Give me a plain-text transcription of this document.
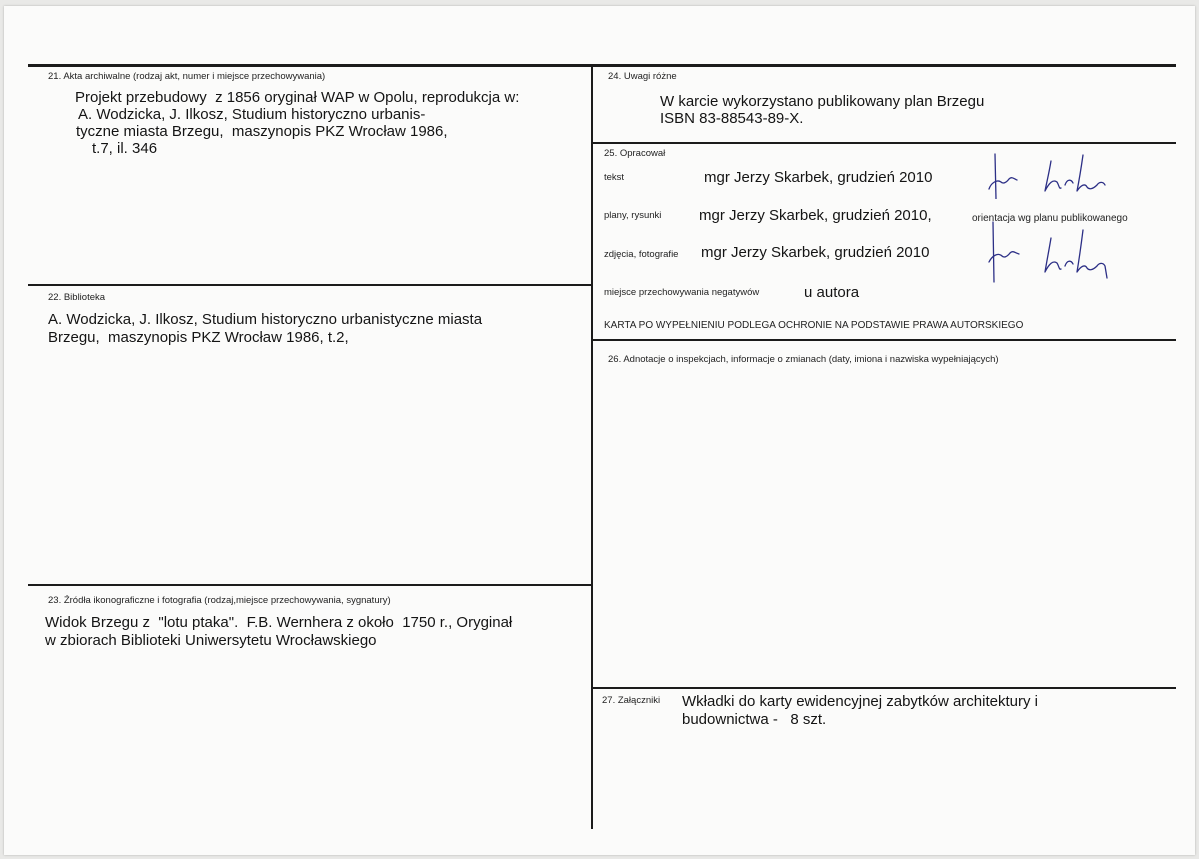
21. Akta archiwalne (rodzaj akt, numer i miejsce przechowywania)
Projekt przebudowy  z 1856 oryginał WAP w Opolu, reprodukcja w:
A. Wodzicka, J. Ilkosz, Studium historyczno urbanis-
tyczne miasta Brzegu,  maszynopis PKZ Wrocław 1986,
t.7, il. 346
22. Biblioteka
A. Wodzicka, J. Ilkosz, Studium historyczno urbanistyczne miasta
Brzegu,  maszynopis PKZ Wrocław 1986, t.2,
23. Źródła ikonograficzne i fotografia (rodzaj,miejsce przechowywania, sygnatury)
Widok Brzegu z  "lotu ptaka".  F.B. Wernhera z około  1750 r., Oryginał
w zbiorach Biblioteki Uniwersytetu Wrocławskiego
24. Uwagi różne
W karcie wykorzystano publikowany plan Brzegu
ISBN 83-88543-89-X.
25. Opracował
tekst	mgr Jerzy Skarbek, grudzień 2010
plany, rysunki	mgr Jerzy Skarbek, grudzień 2010,	orientacja wg planu publikowanego
zdjęcia, fotografie mgr Jerzy Skarbek, grudzień 2010
miejsce przechowywania negatywów	u autora
KARTA PO WYPEŁNIENIU PODLEGA OCHRONIE NA PODSTAWIE PRAWA AUTORSKIEGO
26. Adnotacje o inspekcjach, informacje o zmianach (daty, imiona i nazwiska wypełniających)
27. Załączniki Wkładki do karty ewidencyjnej zabytków architektury i
budownictwa -   8 szt.
